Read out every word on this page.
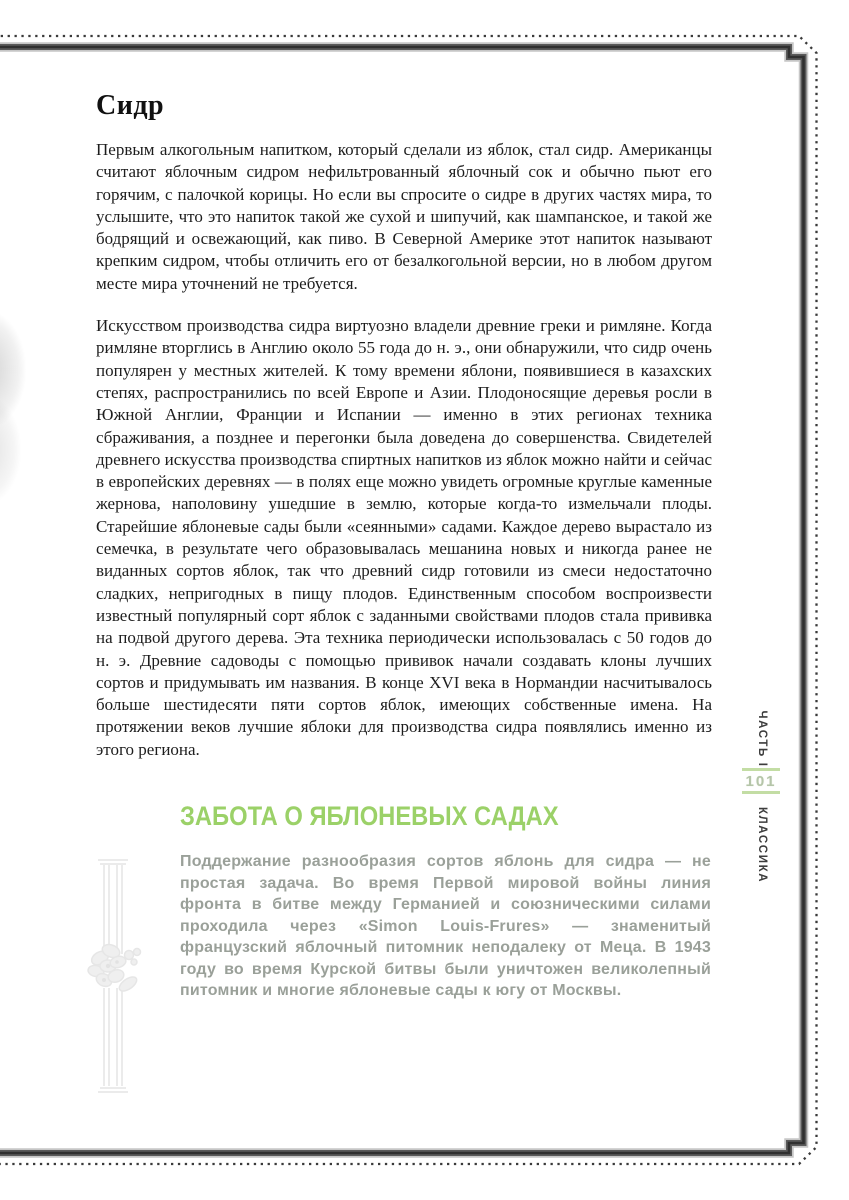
Сидр

Первым алкогольным напитком, который сделали из яблок, стал сидр. Американцы считают яблочным сидром нефильтрованный яблочный сок и обычно пьют его горячим, с палочкой корицы. Но если вы спросите о сидре в других частях мира, то услышите, что это напиток такой же сухой и шипучий, как шампанское, и такой же бодрящий и освежающий, как пиво. В Северной Америке этот напиток называют крепким сидром, чтобы отличить его от безалкогольной версии, но в любом другом месте мира уточнений не требуется.

Искусством производства сидра виртуозно владели древние греки и римляне. Когда римляне вторглись в Англию около 55 года до н. э., они обнаружили, что сидр очень популярен у местных жителей. К тому времени яблони, появившиеся в казахских степях, распространились по всей Европе и Азии. Плодоносящие деревья росли в Южной Англии, Франции и Испании — именно в этих регионах техника сбраживания, а позднее и перегонки была доведена до совершенства. Свидетелей древнего искусства производства спиртных напитков из яблок можно найти и сейчас в европейских деревнях — в полях еще можно увидеть огромные круглые каменные жернова, наполовину ушедшие в землю, которые когда-то измельчали плоды. Старейшие яблоневые сады были «сеянными» садами. Каждое дерево вырастало из семечка, в результате чего образовывалась мешанина новых и никогда ранее не виданных сортов яблок, так что древний сидр готовили из смеси недостаточно сладких, непригодных в пищу плодов. Единственным способом воспроизвести известный популярный сорт яблок с заданными свойствами плодов стала прививка на подвой другого дерева. Эта техника периодически использовалась с 50 годов до н. э. Древние садоводы с помощью прививок начали создавать клоны лучших сортов и придумывать им названия. В конце XVI века в Нормандии насчитывалось больше шестидесяти пяти сортов яблок, имеющих собственные имена. На протяжении веков лучшие яблоки для производства сидра появлялись именно из этого региона.

ЗАБОТА О ЯБЛОНЕВЫХ САДАХ

Поддержание разнообразия сортов яблонь для сидра — не простая задача. Во время Первой мировой войны линия фронта в битве между Германией и союзническими силами проходила через «Simon Louis-Frures» — знаменитый французский яблочный питомник неподалеку от Меца. В 1943 году во время Курской битвы были уничтожен великолепный питомник и многие яблоневые сады к югу от Москвы.

ЧАСТЬ I
101
КЛАССИКА
